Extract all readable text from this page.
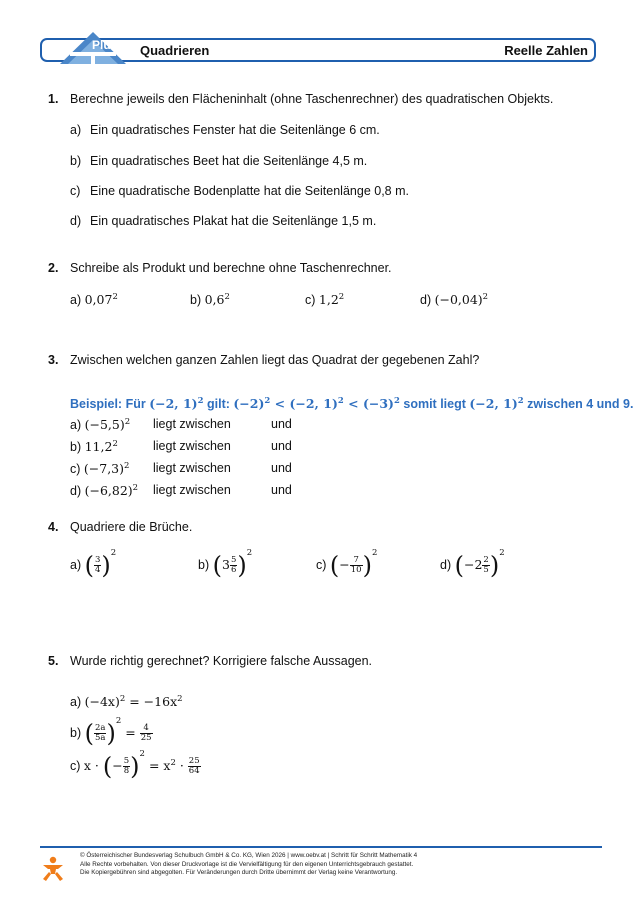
Plus Quadrieren	Reelle Zahlen
1. Berechne jeweils den Flächeninhalt (ohne Taschenrechner) des quadratischen Objekts.
a) Ein quadratisches Fenster hat die Seitenlänge 6 cm.
b) Ein quadratisches Beet hat die Seitenlänge 4,5 m.
c) Eine quadratische Bodenplatte hat die Seitenlänge 0,8 m.
d) Ein quadratisches Plakat hat die Seitenlänge 1,5 m.
2. Schreibe als Produkt und berechne ohne Taschenrechner.
a) 0,07$^2$	b) $0,6^2$	c) $1,2^2$	d) $(-0,04)^2$
3. Zwischen welchen ganzen Zahlen liegt das Quadrat der gegebenen Zahl?
Beispiel: Für (−2, 1)$^2$ gilt: $(-2)^2 < (-2$, $1)^2 < (-3)^2$ somit liegt (−2, 1)$^2$ zwischen 4 und 9.
a) $(-5,5)^2$ liegt zwischen	und
b) 11,2$^2$	liegt zwischen	und
c) $(-7,3)^2$ liegt zwischen	und
d) $(-6,82)^2$ liegt zwischen	und
4. Quadriere die Brüche.
a) ( $\frac{3}{4} )^2$
b) $(3 \frac{5}{6} )^2$
c) (− $\frac{7}{10} )^2$
d) $(-2 \frac{2}{5} )^2$
5. Wurde richtig gerechnet? Korrigiere falsche Aussagen.
a) $(-4x)^2 = -16x^2$
b) ( $\frac{2a}{5a} )^2 = \frac{4}{25}$
c) x · (− $\frac{5}{8} )^2 = x^2 \cdot \frac{25}{64}$
© Österreichischer Bundesverlag Schulbuch GmbH & Co. KG, Wien 2026 | www.oebv.at | Schritt für Schritt Mathematik 4
Alle Rechte vorbehalten. Von dieser Druckvorlage ist die Vervielfältigung für den eigenen Unterrichtsgebrauch gestattet.
Die Kopiergebühren sind abgegolten. Für Veränderungen durch Dritte übernimmt der Verlag keine Verantwortung.
